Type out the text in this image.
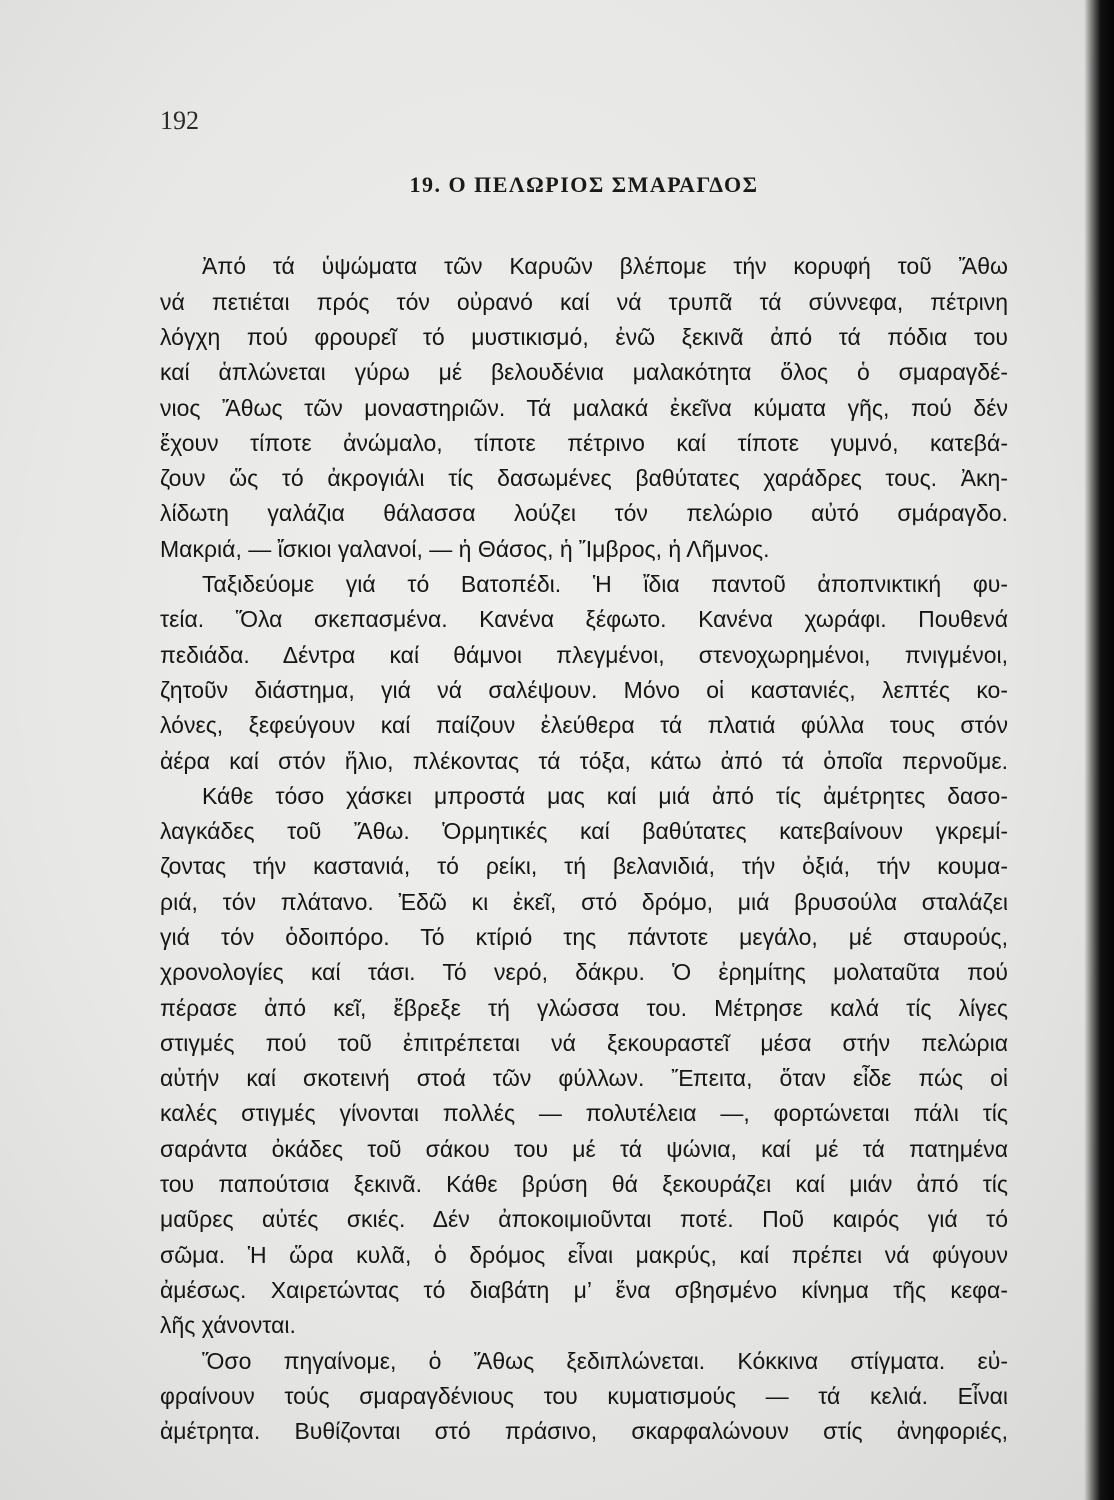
192
19. Ο ΠΕΛΩΡΙΟΣ ΣΜΑΡΑΓΔΟΣ
Ἀπό τά ὑψώματα τῶν Καρυῶν βλέπομε τήν κορυφή τοῦ Ἄθω
νά πετιέται πρός τόν οὐρανό καί νά τρυπᾶ τά σύννεφα, πέτρινη
λόγχη πού φρουρεῖ τό μυστικισμό, ἐνῶ ξεκινᾶ ἀπό τά πόδια του
καί ἁπλώνεται γύρω μέ βελουδένια μαλακότητα ὅλος ὁ σμαραγδέ-
νιος Ἄθως τῶν μοναστηριῶν. Τά μαλακά ἐκεῖνα κύματα γῆς, πού δέν
ἔχουν τίποτε ἀνώμαλο, τίποτε πέτρινο καί τίποτε γυμνό, κατεβά-
ζουν ὥς τό ἀκρογιάλι τίς δασωμένες βαθύτατες χαράδρες τους. Ἀκη-
λίδωτη γαλάζια θάλασσα λούζει τόν πελώριο αὐτό σμάραγδο.
Μακριά, — ἴσκιοι γαλανοί, — ἡ Θάσος, ἡ Ἴμβρος, ἡ Λῆμνος.
Ταξιδεύομε γιά τό Βατοπέδι. Ἡ ἴδια παντοῦ ἀποπνικτική φυ-
τεία. Ὅλα σκεπασμένα. Κανένα ξέφωτο. Κανένα χωράφι. Πουθενά
πεδιάδα. Δέντρα καί θάμνοι πλεγμένοι, στενοχωρημένοι, πνιγμένοι,
ζητοῦν διάστημα, γιά νά σαλέψουν. Μόνο οἱ καστανιές, λεπτές κο-
λόνες, ξεφεύγουν καί παίζουν ἐλεύθερα τά πλατιά φύλλα τους στόν
ἀέρα καί στόν ἥλιο, πλέκοντας τά τόξα, κάτω ἀπό τά ὁποῖα περνοῦμε.
Κάθε τόσο χάσκει μπροστά μας καί μιά ἀπό τίς ἀμέτρητες δασο-
λαγκάδες τοῦ Ἄθω. Ὁρμητικές καί βαθύτατες κατεβαίνουν γκρεμί-
ζοντας τήν καστανιά, τό ρείκι, τή βελανιδιά, τήν ὀξιά, τήν κουμα-
ριά, τόν πλάτανο. Ἐδῶ κι ἐκεῖ, στό δρόμο, μιά βρυσούλα σταλάζει
γιά τόν ὁδοιπόρο. Τό κτίριό της πάντοτε μεγάλο, μέ σταυρούς,
χρονολογίες καί τάσι. Τό νερό, δάκρυ. Ὁ ἐρημίτης μολαταῦτα πού
πέρασε ἀπό κεῖ, ἔβρεξε τή γλώσσα του. Μέτρησε καλά τίς λίγες
στιγμές πού τοῦ ἐπιτρέπεται νά ξεκουραστεῖ μέσα στήν πελώρια
αὐτήν καί σκοτεινή στοά τῶν φύλλων. Ἔπειτα, ὅταν εἶδε πώς οἱ
καλές στιγμές γίνονται πολλές — πολυτέλεια —, φορτώνεται πάλι τίς
σαράντα ὀκάδες τοῦ σάκου του μέ τά ψώνια, καί μέ τά πατημένα
του παπούτσια ξεκινᾶ. Κάθε βρύση θά ξεκουράζει καί μιάν ἀπό τίς
μαῦρες αὐτές σκιές. Δέν ἀποκοιμιοῦνται ποτέ. Ποῦ καιρός γιά τό
σῶμα. Ἡ ὥρα κυλᾶ, ὁ δρόμος εἶναι μακρύς, καί πρέπει νά φύγουν
ἀμέσως. Χαιρετώντας τό διαβάτη μ’ ἕνα σβησμένο κίνημα τῆς κεφα-
λῆς χάνονται.
Ὅσο πηγαίνομε, ὁ Ἄθως ξεδιπλώνεται. Κόκκινα στίγματα. εὐ-
φραίνουν τούς σμαραγδένιους του κυματισμούς — τά κελιά. Εἶναι
ἀμέτρητα. Βυθίζονται στό πράσινο, σκαρφαλώνουν στίς ἀνηφοριές,
